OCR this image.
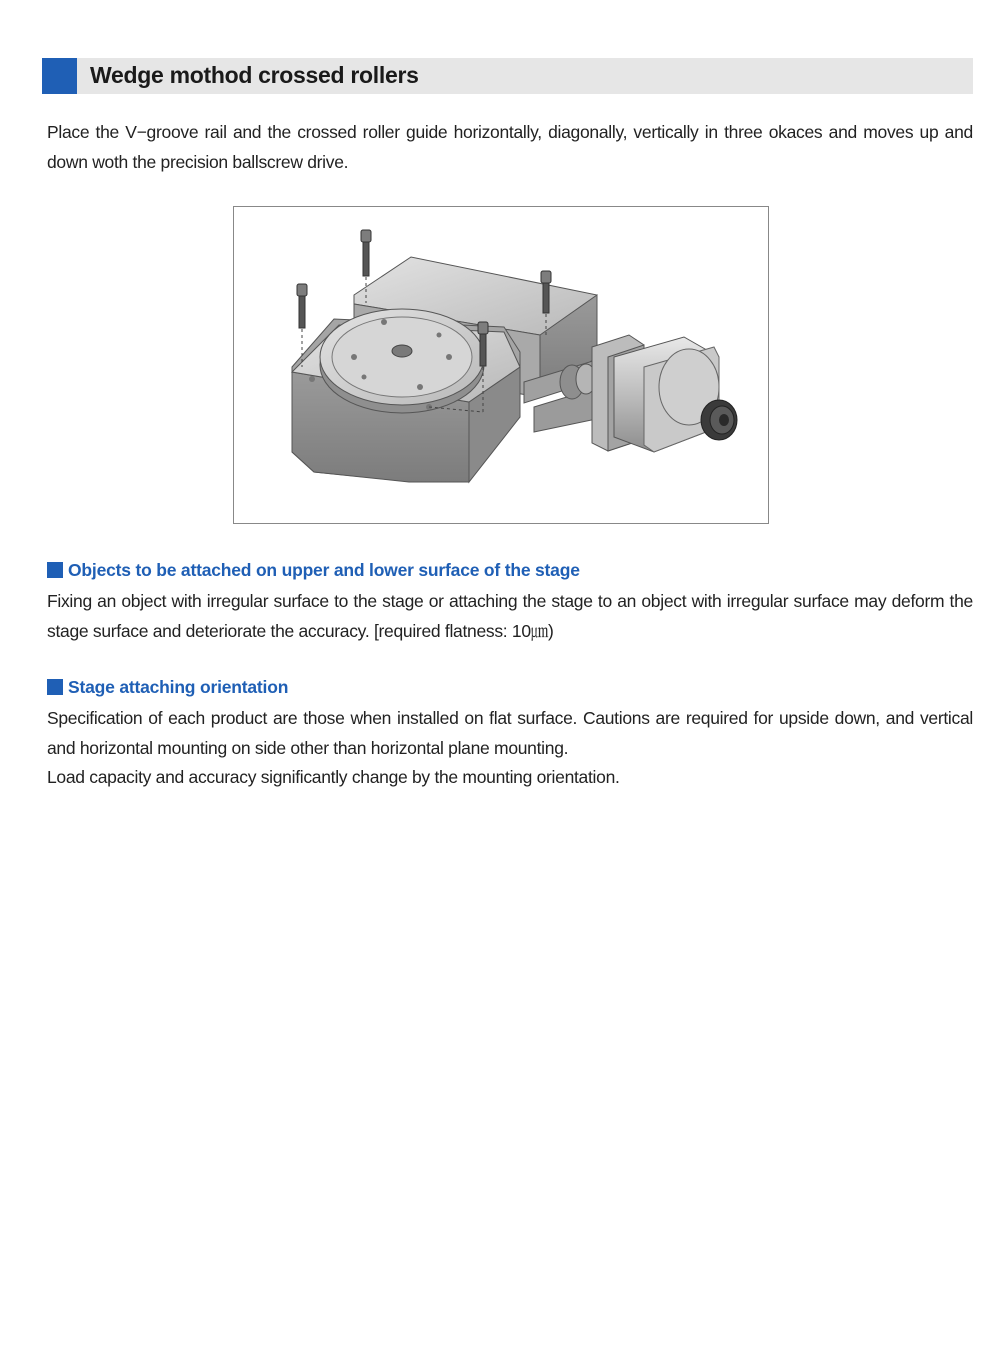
Wedge mothod crossed rollers
Place the V−groove rail and the crossed roller guide horizontally, diagonally, vertically in three okaces and moves up and down woth the precision ballscrew drive.
Objects to be attached on upper and lower surface of the stage
Fixing an object with irregular surface to the stage or attaching the stage to an object with irregular surface may deform the stage surface and deteriorate the accuracy. [required flatness: 10㎛)
Stage attaching orientation
Specification of each product are those when installed on flat surface. Cautions are required for upside down, and vertical and horizontal mounting on side other than horizontal plane mounting.
Load capacity and accuracy significantly change by the mounting orientation.
